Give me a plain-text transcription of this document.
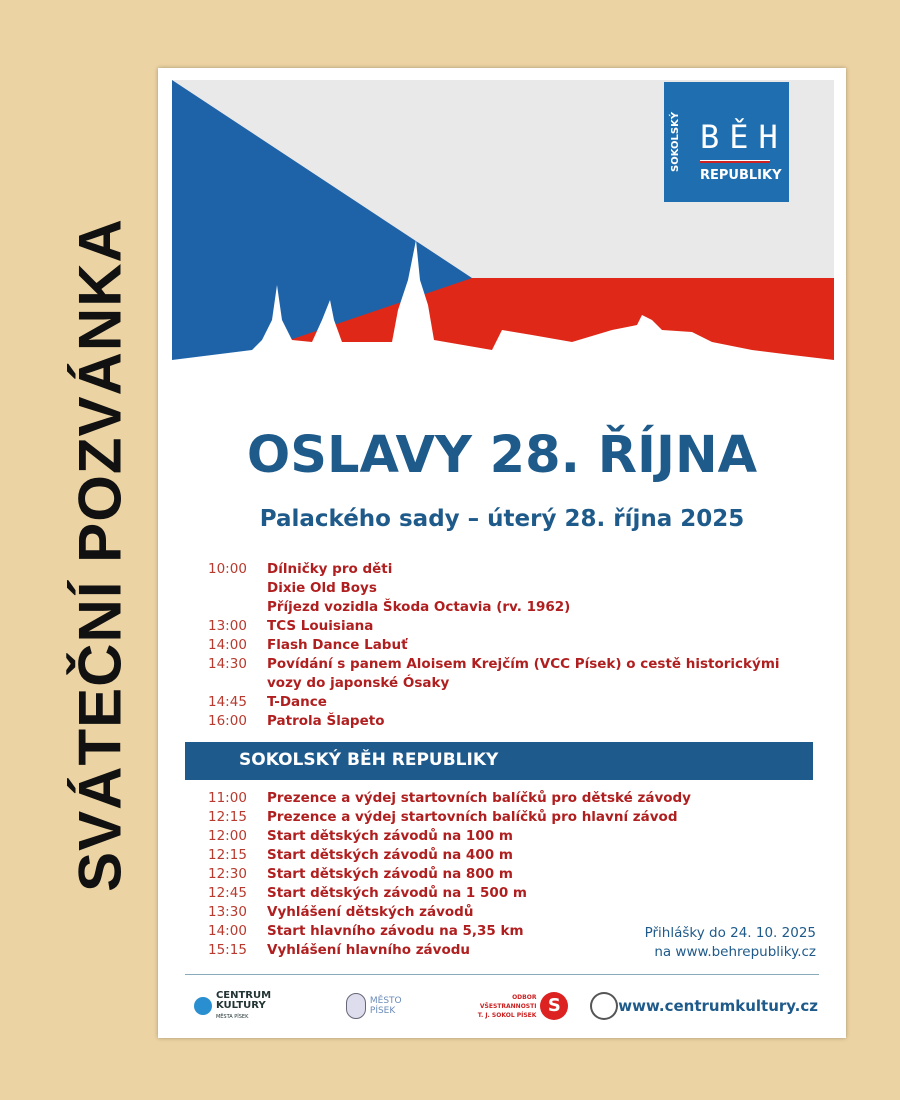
SVÁTEČNÍ POZVÁNKA
SOKOLSKÝ BĚH
REPUBLIKY
OSLAVY 28. ŘÍJNA
Palackého sady – úterý 28. října 2025
10:00	Dílničky pro děti
Dixie Old Boys
Příjezd vozidla Škoda Octavia (rv. 1962)
13:00	TCS Louisiana
14:00	Flash Dance Labuť
14:30	Povídání s panem Aloisem Krejčím (VCC Písek) o cestě historickými vozy do japonské Ósaky
14:45	T-Dance
16:00	Patrola Šlapeto
SOKOLSKÝ BĚH REPUBLIKY
11:00	Prezence a výdej startovních balíčků pro dětské závody
12:15	Prezence a výdej startovních balíčků pro hlavní závod
12:00	Start dětských závodů na 100 m
12:15	Start dětských závodů na 400 m
12:30	Start dětských závodů na 800 m
12:45	Start dětských závodů na 1 500 m
13:30	Vyhlášení dětských závodů
14:00	Start hlavního závodu na 5,35 km
15:15	Vyhlášení hlavního závodu
Přihlášky do 24. 10. 2025
na www.behrepubliky.cz
CENTRUM KULTURY
MĚSTA PÍSEK
MĚSTO PÍSEK
ODBOR VŠESTRANNOSTI
T. J. SOKOL PÍSEK S	www.centrumkultury.cz
